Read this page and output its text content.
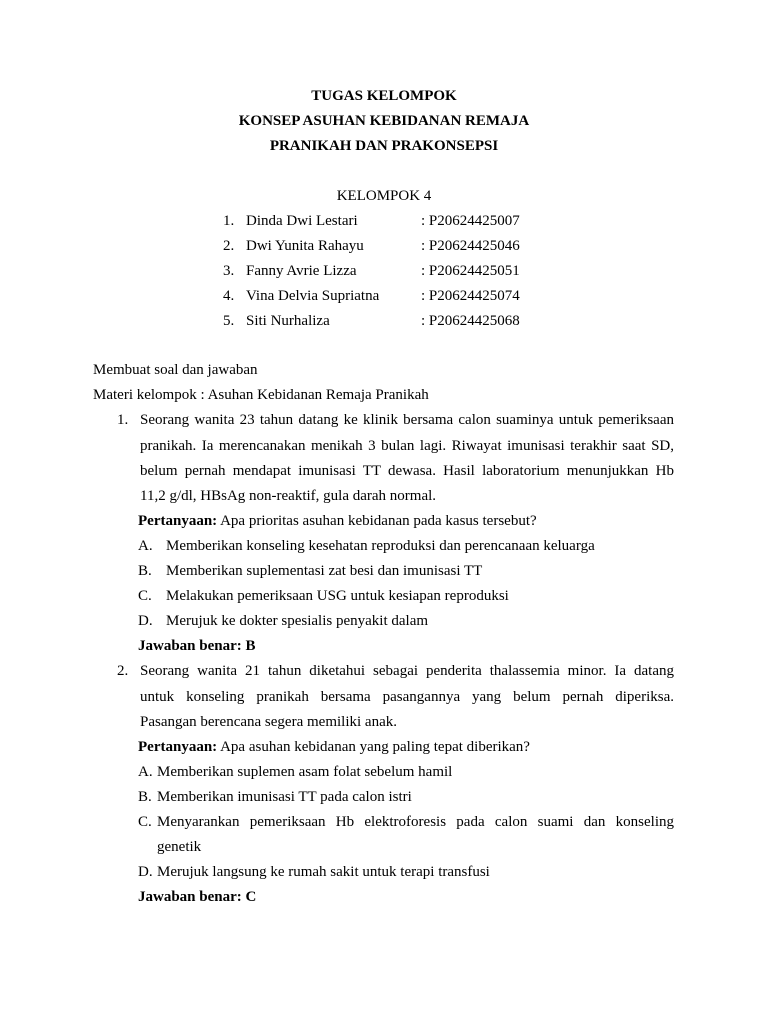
TUGAS KELOMPOK
KONSEP ASUHAN KEBIDANAN REMAJA
PRANIKAH DAN PRAKONSEPSI
KELOMPOK 4
1. Dinda Dwi Lestari	: P20624425007
2. Dwi Yunita Rahayu	: P20624425046
3. Fanny Avrie Lizza	: P20624425051
4. Vina Delvia Supriatna	: P20624425074
5. Siti Nurhaliza	: P20624425068
Membuat soal dan jawaban
Materi kelompok : Asuhan Kebidanan Remaja Pranikah
1. Seorang wanita 23 tahun datang ke klinik bersama calon suaminya untuk pemeriksaan
pranikah. Ia merencanakan menikah 3 bulan lagi. Riwayat imunisasi terakhir saat SD,
belum pernah mendapat imunisasi TT dewasa. Hasil laboratorium menunjukkan Hb
11,2 g/dl, HBsAg non-reaktif, gula darah normal.
Pertanyaan: Apa prioritas asuhan kebidanan pada kasus tersebut?
A. Memberikan konseling kesehatan reproduksi dan perencanaan keluarga
B. Memberikan suplementasi zat besi dan imunisasi TT
C. Melakukan pemeriksaan USG untuk kesiapan reproduksi
D. Merujuk ke dokter spesialis penyakit dalam
Jawaban benar: B
2. Seorang wanita 21 tahun diketahui sebagai penderita thalassemia minor. Ia datang
untuk konseling pranikah bersama pasangannya yang belum pernah diperiksa.
Pasangan berencana segera memiliki anak.
Pertanyaan: Apa asuhan kebidanan yang paling tepat diberikan?
A. Memberikan suplemen asam folat sebelum hamil
B. Memberikan imunisasi TT pada calon istri
C. Menyarankan pemeriksaan Hb elektroforesis pada calon suami dan konseling
genetik
D. Merujuk langsung ke rumah sakit untuk terapi transfusi
Jawaban benar: C
